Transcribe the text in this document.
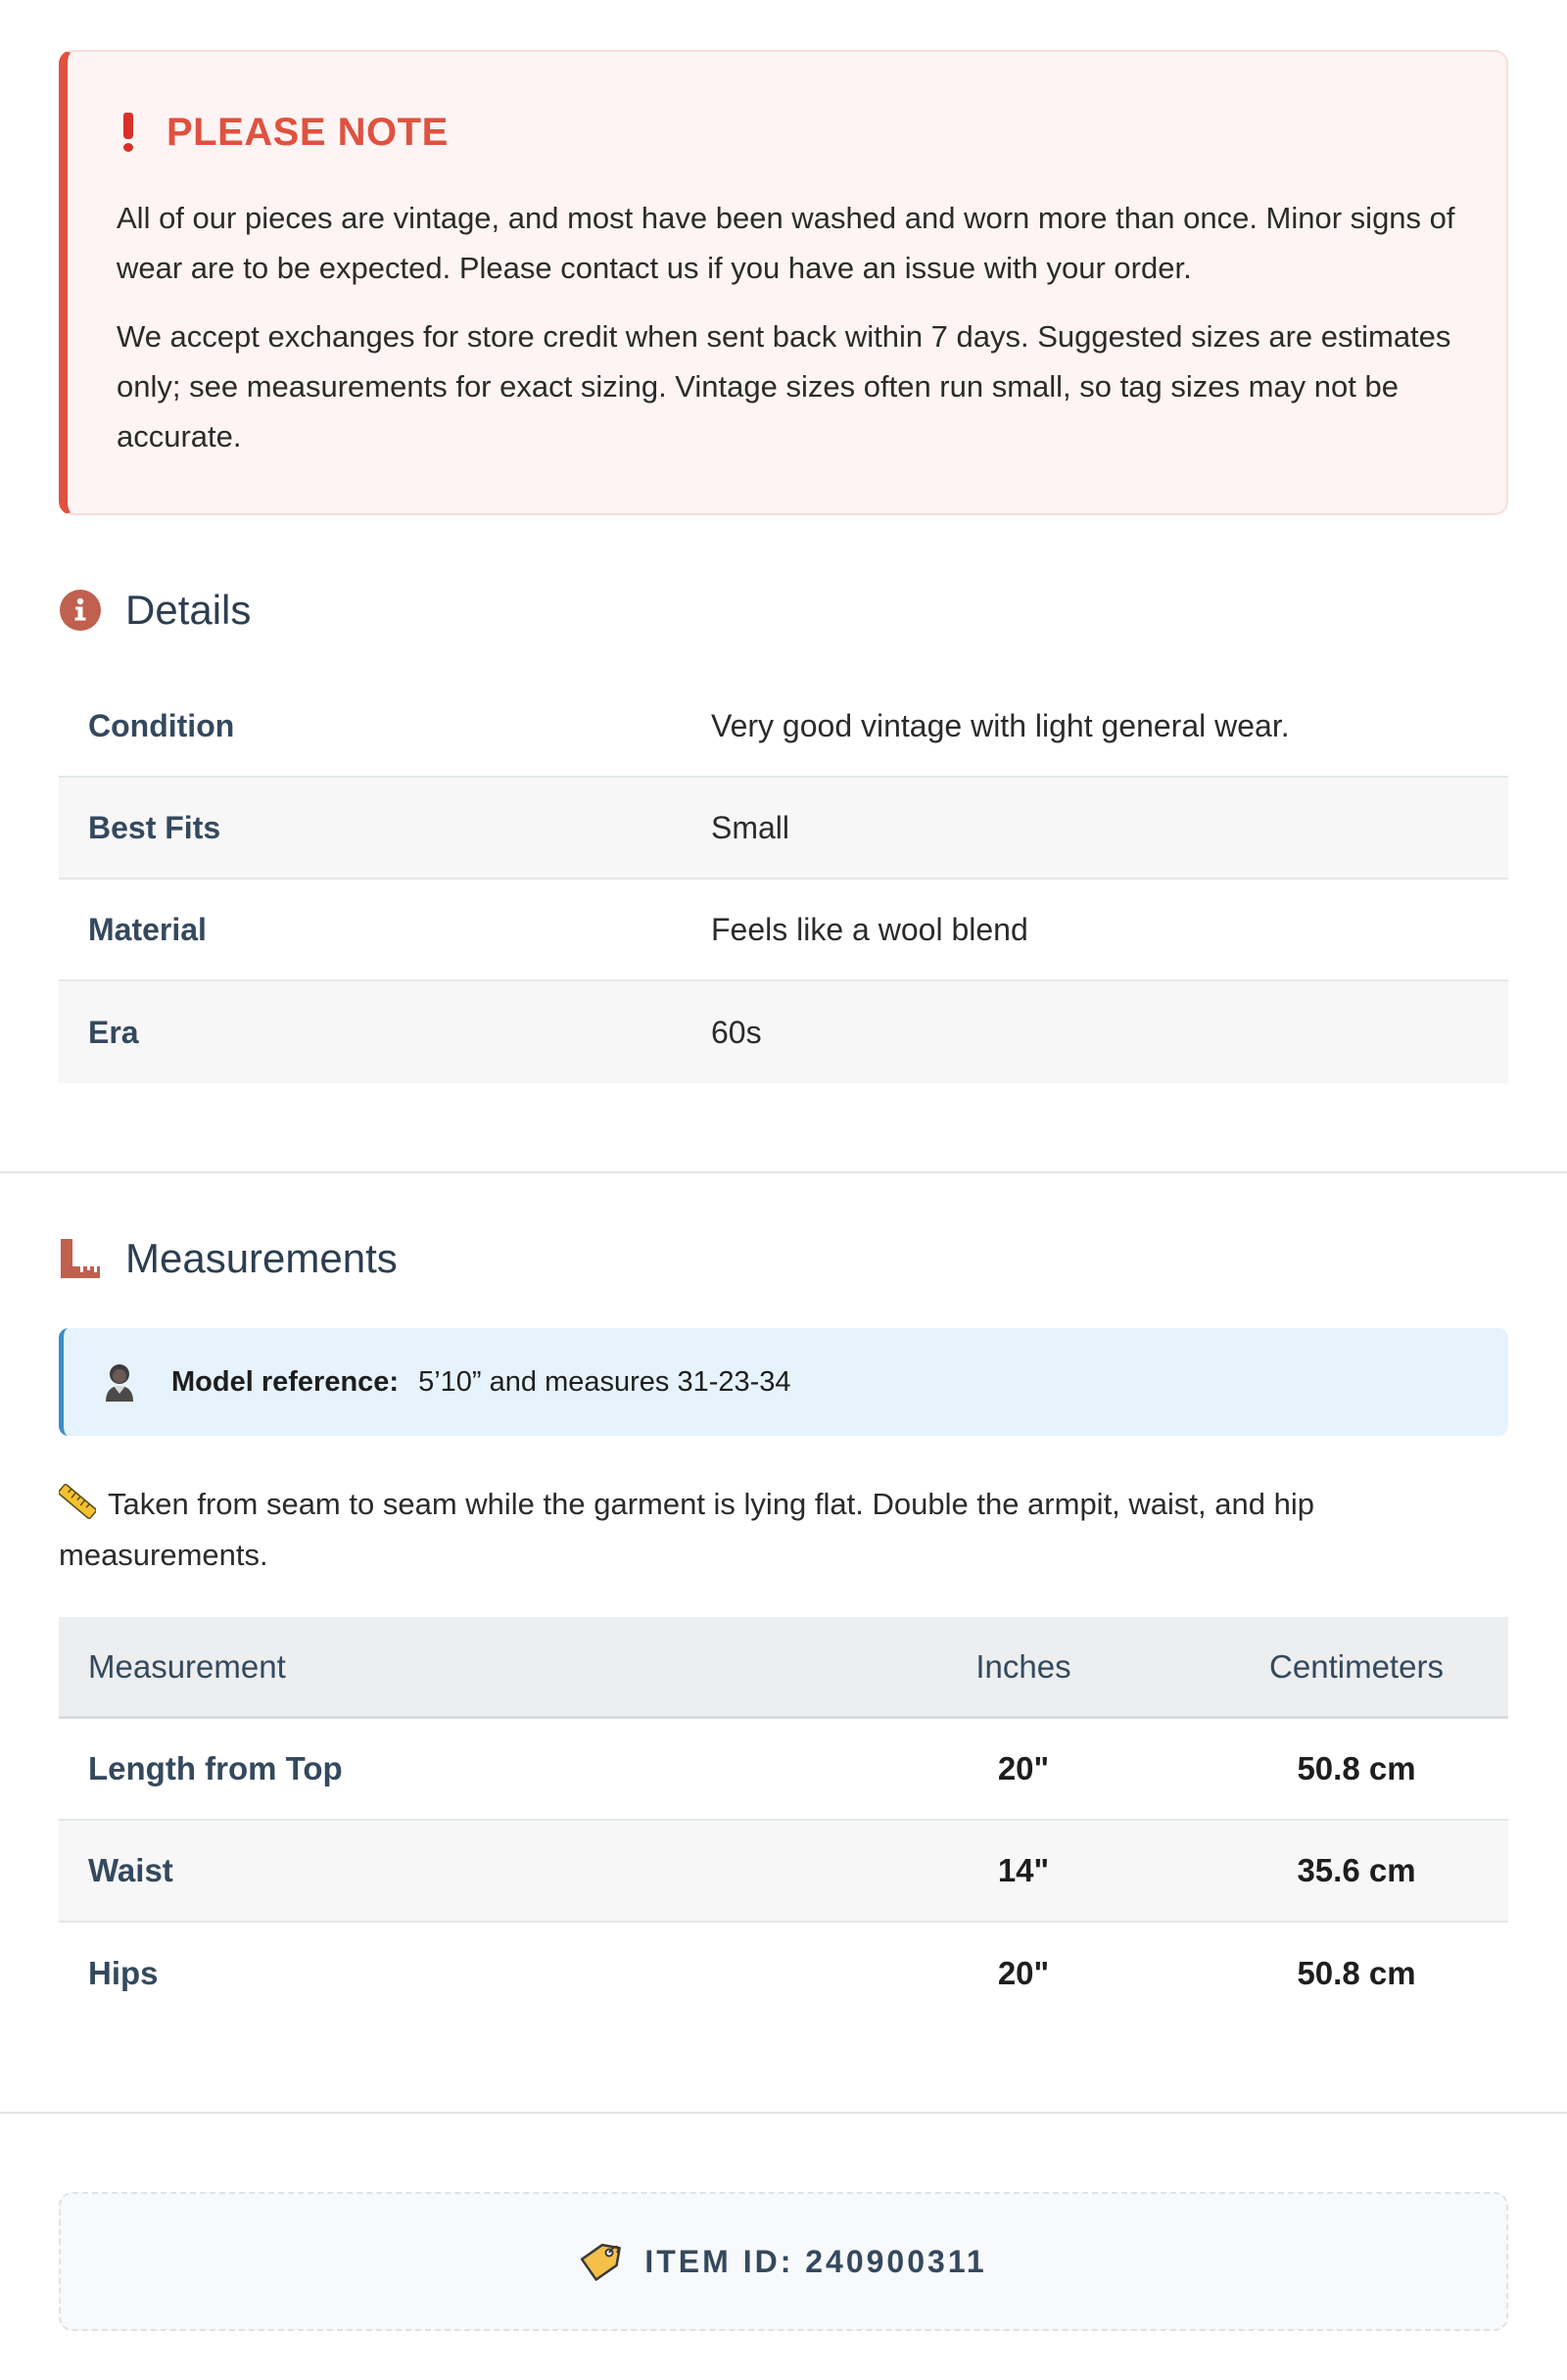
PLEASE NOTE

All of our pieces are vintage, and most have been washed and worn more than once. Minor signs of wear are to be expected. Please contact us if you have an issue with your order.

We accept exchanges for store credit when sent back within 7 days. Suggested sizes are estimates only; see measurements for exact sizing. Vintage sizes often run small, so tag sizes may not be accurate.

Details
Condition	Very good vintage with light general wear.
Best Fits	Small
Material	Feels like a wool blend
Era	60s
Measurements
Model reference: 5’10” and measures 31-23-34
Taken from seam to seam while the garment is lying flat. Double the armpit, waist, and hip measurements.
Measurement	Inches	Centimeters
Length from Top	20"	50.8 cm
Waist	14"	35.6 cm
Hips	20"	50.8 cm
ITEM ID: 240900311
